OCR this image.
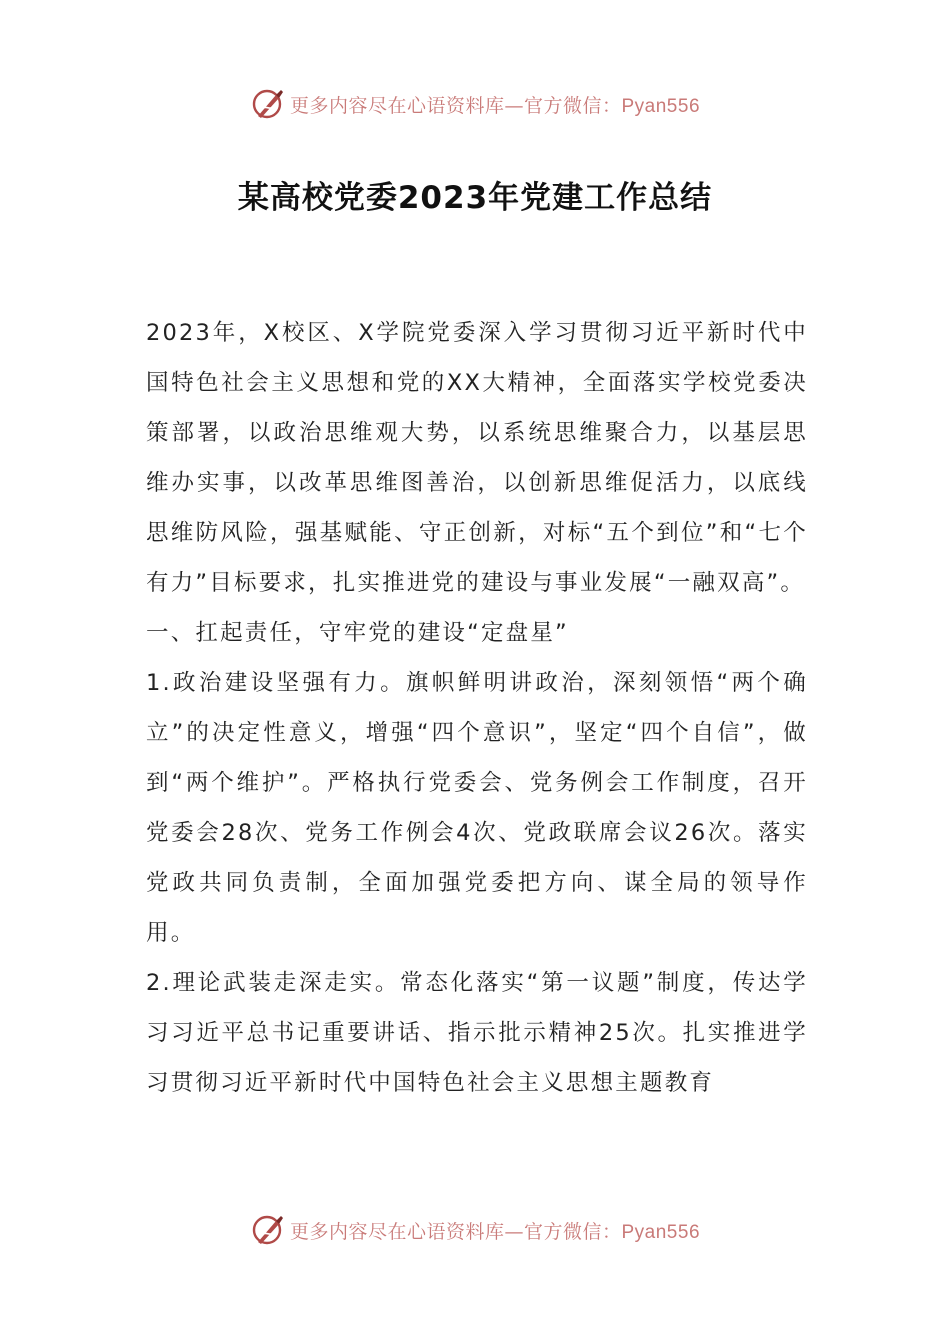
更多内容尽在心语资料库—官方微信：Pyan556
某高校党委2023年党建工作总结

2023年，X校区、X学院党委深入学习贯彻习近平新时代中国特色社会主义思想和党的XX大精神，全面落实学校党委决策部署，以政治思维观大势，以系统思维聚合力，以基层思维办实事，以改革思维图善治，以创新思维促活力，以底线思维防风险，强基赋能、守正创新，对标“五个到位”和“七个有力”目标要求，扎实推进党的建设与事业发展“一融双高”。

一、扛起责任，守牢党的建设“定盘星”

1.政治建设坚强有力。旗帜鲜明讲政治，深刻领悟“两个确立”的决定性意义，增强“四个意识”，坚定“四个自信”，做到“两个维护”。严格执行党委会、党务例会工作制度，召开党委会28次、党务工作例会4次、党政联席会议26次。落实党政共同负责制，全面加强党委把方向、谋全局的领导作用。

2.理论武装走深走实。常态化落实“第一议题”制度，传达学习习近平总书记重要讲话、指示批示精神25次。扎实推进学习贯彻习近平新时代中国特色社会主义思想主题教育

更多内容尽在心语资料库—官方微信：Pyan556
